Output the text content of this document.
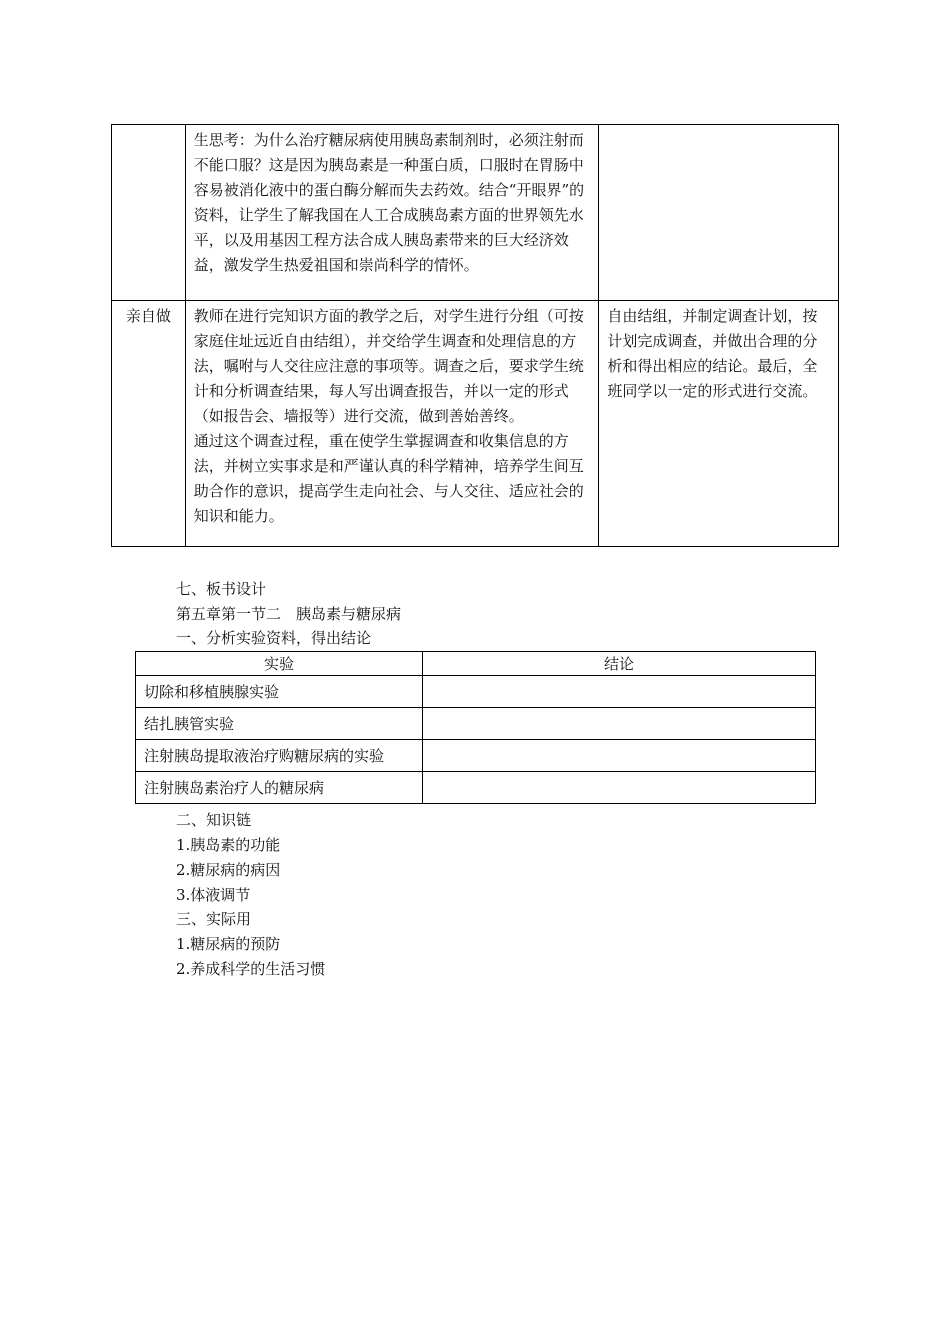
	生思考：为什么治疗糖尿病使用胰岛素制剂时，必须注射而不能口服？这是因为胰岛素是一种蛋白质，口服时在胃肠中容易被消化液中的蛋白酶分解而失去药效。结合“开眼界”的资料，让学生了解我国在人工合成胰岛素方面的世界领先水平，以及用基因工程方法合成人胰岛素带来的巨大经济效益，激发学生热爱祖国和崇尚科学的情怀。	

亲自做	教师在进行完知识方面的教学之后，对学生进行分组（可按家庭住址远近自由结组），并交给学生调查和处理信息的方法，嘱咐与人交往应注意的事项等。调查之后，要求学生统计和分析调查结果，每人写出调查报告，并以一定的形式（如报告会、墙报等）进行交流，做到善始善终。
通过这个调查过程，重在使学生掌握调查和收集信息的方法，并树立实事求是和严谨认真的科学精神，培养学生间互助合作的意识，提高学生走向社会、与人交往、适应社会的知识和能力。	自由结组，并制定调查计划，按计划完成调查，并做出合理的分析和得出相应的结论。最后，全班同学以一定的形式进行交流。
七、板书设计
第五章第一节二　胰岛素与糖尿病
一、分析实验资料，得出结论
实验	结论
切除和移植胰腺实验	
结扎胰管实验	
注射胰岛提取液治疗购糖尿病的实验	
注射胰岛素治疗人的糖尿病	
二、知识链
1.胰岛素的功能
2.糖尿病的病因
3.体液调节
三、实际用
1.糖尿病的预防
2.养成科学的生活习惯
